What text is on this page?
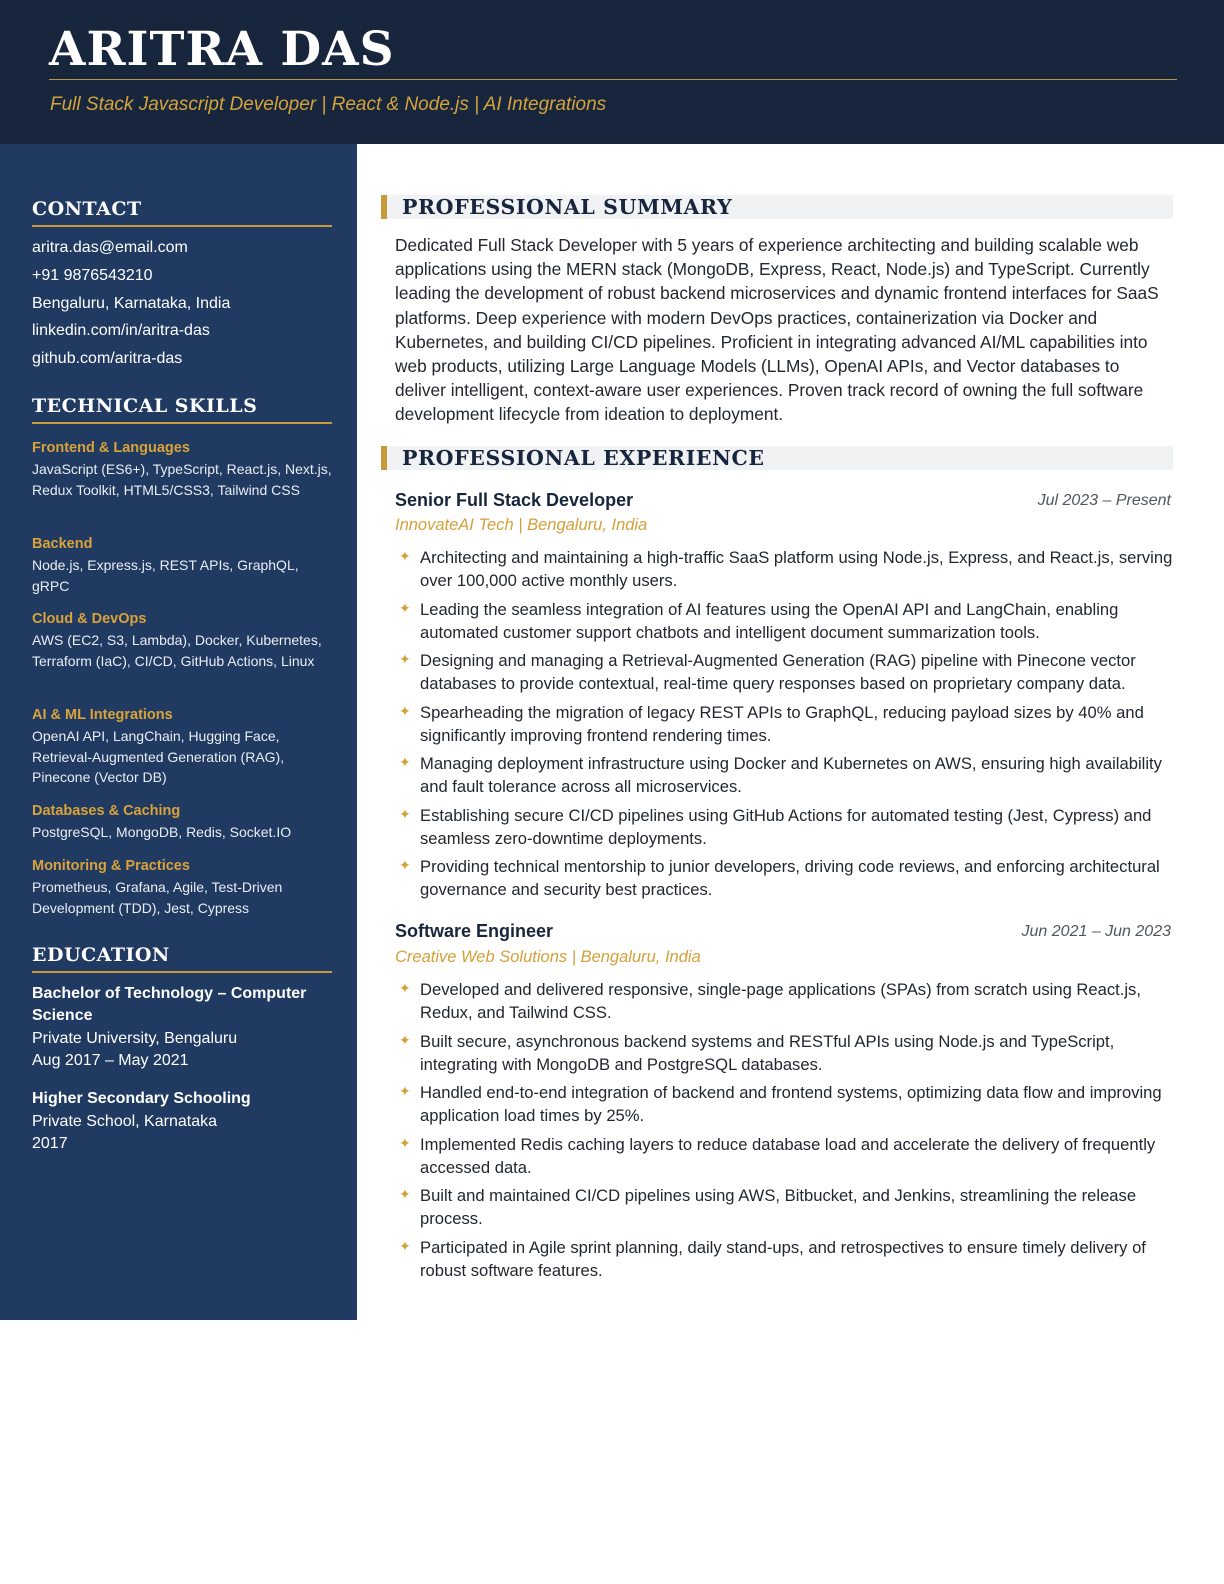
ARITRA DAS
Full Stack Javascript Developer | React & Node.js | AI Integrations
CONTACT
aritra.das@email.com
+91 9876543210
Bengaluru, Karnataka, India
linkedin.com/in/aritra-das
github.com/aritra-das
TECHNICAL SKILLS
Frontend & Languages
JavaScript (ES6+), TypeScript, React.js, Next.js, Redux Toolkit, HTML5/CSS3, Tailwind CSS
Backend
Node.js, Express.js, REST APIs, GraphQL, gRPC
Cloud & DevOps
AWS (EC2, S3, Lambda), Docker, Kubernetes, Terraform (IaC), CI/CD, GitHub Actions, Linux
AI & ML Integrations
OpenAI API, LangChain, Hugging Face, Retrieval-Augmented Generation (RAG), Pinecone (Vector DB)
Databases & Caching
PostgreSQL, MongoDB, Redis, Socket.IO
Monitoring & Practices
Prometheus, Grafana, Agile, Test-Driven Development (TDD), Jest, Cypress
EDUCATION
Bachelor of Technology – Computer Science
Private University, Bengaluru
Aug 2017 – May 2021
Higher Secondary Schooling
Private School, Karnataka
2017
PROFESSIONAL SUMMARY
Dedicated Full Stack Developer with 5 years of experience architecting and building scalable web applications using the MERN stack (MongoDB, Express, React, Node.js) and TypeScript. Currently leading the development of robust backend microservices and dynamic frontend interfaces for SaaS platforms. Deep experience with modern DevOps practices, containerization via Docker and Kubernetes, and building CI/CD pipelines. Proficient in integrating advanced AI/ML capabilities into web products, utilizing Large Language Models (LLMs), OpenAI APIs, and Vector databases to deliver intelligent, context-aware user experiences. Proven track record of owning the full software development lifecycle from ideation to deployment.
PROFESSIONAL EXPERIENCE
Senior Full Stack Developer	Jul 2023 – Present
InnovateAI Tech | Bengaluru, India
✦ Architecting and maintaining a high-traffic SaaS platform using Node.js, Express, and React.js, serving over 100,000 active monthly users.
✦ Leading the seamless integration of AI features using the OpenAI API and LangChain, enabling automated customer support chatbots and intelligent document summarization tools.
✦ Designing and managing a Retrieval-Augmented Generation (RAG) pipeline with Pinecone vector databases to provide contextual, real-time query responses based on proprietary company data.
✦ Spearheading the migration of legacy REST APIs to GraphQL, reducing payload sizes by 40% and significantly improving frontend rendering times.
✦ Managing deployment infrastructure using Docker and Kubernetes on AWS, ensuring high availability and fault tolerance across all microservices.
✦ Establishing secure CI/CD pipelines using GitHub Actions for automated testing (Jest, Cypress) and seamless zero-downtime deployments.
✦ Providing technical mentorship to junior developers, driving code reviews, and enforcing architectural governance and security best practices.
Software Engineer	Jun 2021 – Jun 2023
Creative Web Solutions | Bengaluru, India
✦ Developed and delivered responsive, single-page applications (SPAs) from scratch using React.js, Redux, and Tailwind CSS.
✦ Built secure, asynchronous backend systems and RESTful APIs using Node.js and TypeScript, integrating with MongoDB and PostgreSQL databases.
✦ Handled end-to-end integration of backend and frontend systems, optimizing data flow and improving application load times by 25%.
✦ Implemented Redis caching layers to reduce database load and accelerate the delivery of frequently accessed data.
✦ Built and maintained CI/CD pipelines using AWS, Bitbucket, and Jenkins, streamlining the release process.
✦ Participated in Agile sprint planning, daily stand-ups, and retrospectives to ensure timely delivery of robust software features.
